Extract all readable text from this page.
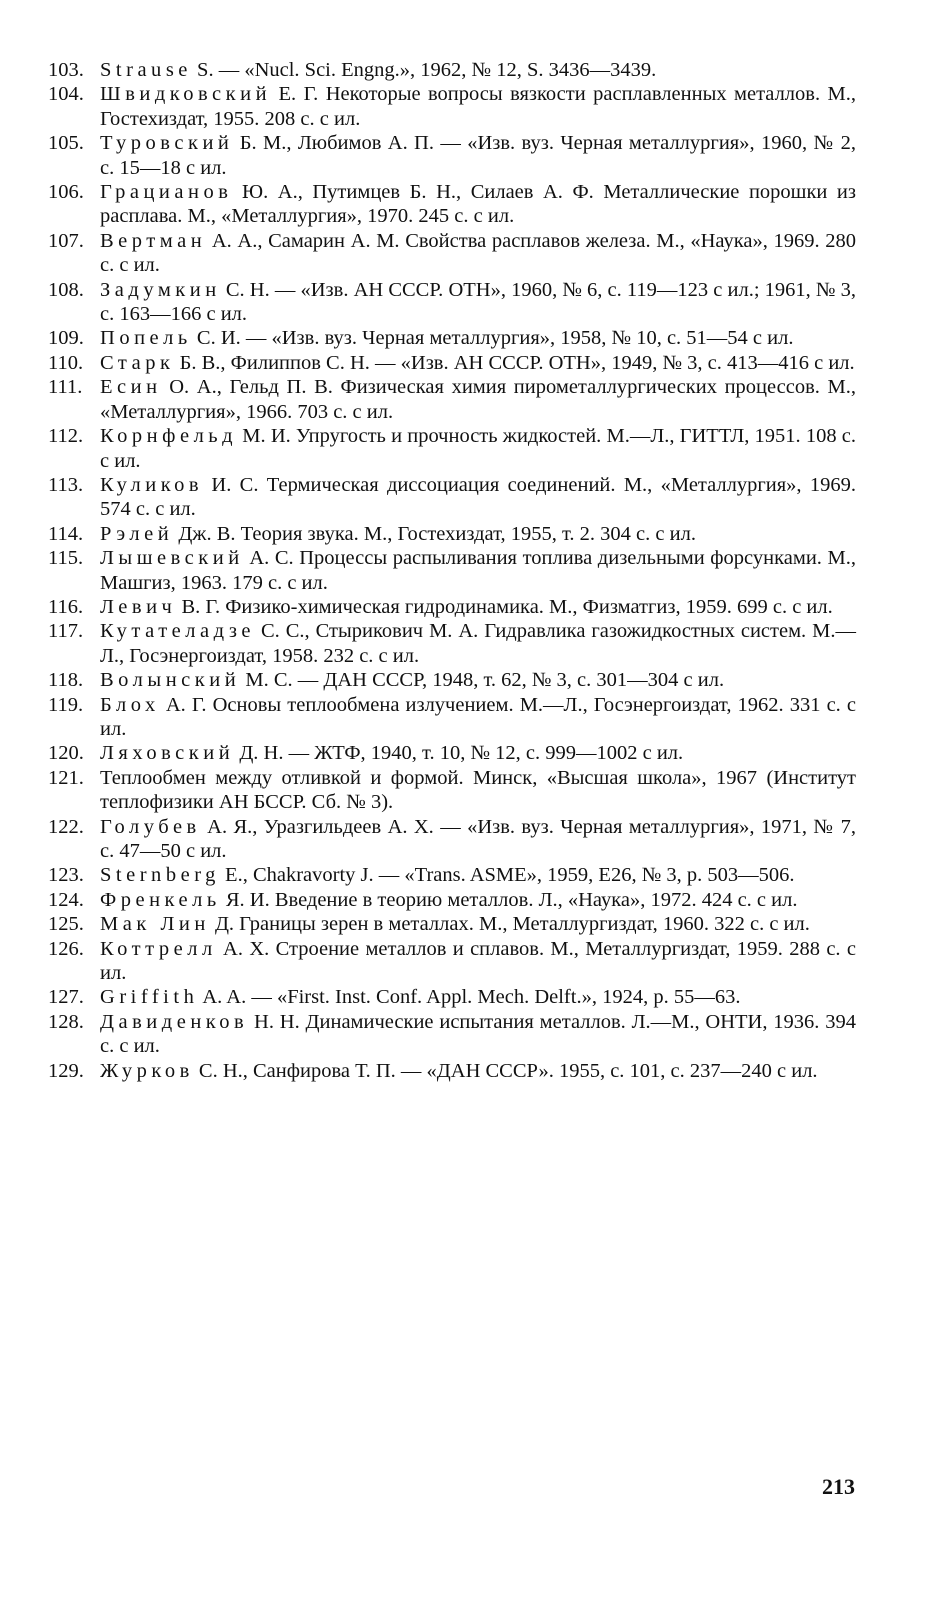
103. Strause S. — «Nucl. Sci. Engng.», 1962, № 12, S. 3436—3439.
104. Швидковский Е. Г. Некоторые вопросы вязкости расплавленных металлов. М., Гостехиздат, 1955. 208 с. с ил.
105. Туровский Б. М., Любимов А. П. — «Изв. вуз. Черная металлургия», 1960, № 2, с. 15—18 с ил.
106. Грацианов Ю. А., Путимцев Б. Н., Силаев А. Ф. Металлические порошки из расплава. М., «Металлургия», 1970. 245 с. с ил.
107. Вертман А. А., Самарин А. М. Свойства расплавов железа. М., «Наука», 1969. 280 с. с ил.
108. Задумкин С. Н. — «Изв. АН СССР. ОТН», 1960, № 6, с. 119—123 с ил.; 1961, № 3, с. 163—166 с ил.
109. Попель С. И. — «Изв. вуз. Черная металлургия», 1958, № 10, с. 51—54 с ил.
110. Старк Б. В., Филиппов С. Н. — «Изв. АН СССР. ОТН», 1949, № 3, с. 413—416 с ил.
111. Есин О. А., Гельд П. В. Физическая химия пирометаллургических процессов. М., «Металлургия», 1966. 703 с. с ил.
112. Корнфельд М. И. Упругость и прочность жидкостей. М.—Л., ГИТТЛ, 1951. 108 с. с ил.
113. Куликов И. С. Термическая диссоциация соединений. М., «Металлургия», 1969. 574 с. с ил.
114. Рэлей Дж. В. Теория звука. М., Гостехиздат, 1955, т. 2. 304 с. с ил.
115. Лышевский А. С. Процессы распыливания топлива дизельными форсунками. М., Машгиз, 1963. 179 с. с ил.
116. Левич В. Г. Физико-химическая гидродинамика. М., Физматгиз, 1959. 699 с. с ил.
117. Кутателадзе С. С., Стырикович М. А. Гидравлика газожидкостных систем. М.—Л., Госэнергоиздат, 1958. 232 с. с ил.
118. Волынский М. С. — ДАН СССР, 1948, т. 62, № 3, с. 301—304 с ил.
119. Блох А. Г. Основы теплообмена излучением. М.—Л., Госэнергоиздат, 1962. 331 с. с ил.
120. Ляховский Д. Н. — ЖТФ, 1940, т. 10, № 12, с. 999—1002 с ил.
121. Теплообмен между отливкой и формой. Минск, «Высшая школа», 1967 (Институт теплофизики АН БССР. Сб. № 3).
122. Голубев А. Я., Уразгильдеев А. Х. — «Изв. вуз. Черная металлургия», 1971, № 7, с. 47—50 с ил.
123. Sternberg E., Chakravorty J. — «Trans. ASME», 1959, E26, № 3, p. 503—506.
124. Френкель Я. И. Введение в теорию металлов. Л., «Наука», 1972. 424 с. с ил.
125. Мак Лин Д. Границы зерен в металлах. М., Металлургиздат, 1960. 322 с. с ил.
126. Коттрелл А. Х. Строение металлов и сплавов. М., Металлургиздат, 1959. 288 с. с ил.
127. Griffith A. A. — «First. Inst. Conf. Appl. Mech. Delft.», 1924, p. 55—63.
128. Давиденков Н. Н. Динамические испытания металлов. Л.—М., ОНТИ, 1936. 394 с. с ил.
129. Журков С. Н., Санфирова Т. П. — «ДАН СССР». 1955, с. 101, с. 237—240 с ил.
213
